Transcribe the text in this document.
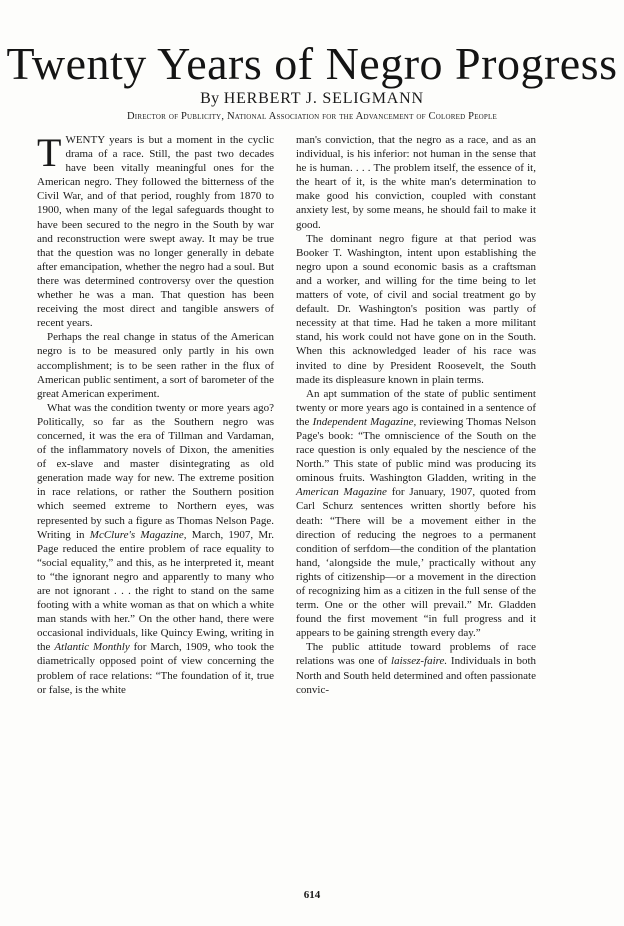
Twenty Years of Negro Progress
By HERBERT J. SELIGMANN
Director of Publicity, National Association for the Advancement of Colored People

TWENTY years is but a moment in the cyclic drama of a race. Still, the past two decades have been vitally meaningful ones for the American negro. They followed the bitterness of the Civil War, and of that period, roughly from 1870 to 1900, when many of the legal safeguards thought to have been secured to the negro in the South by war and reconstruction were swept away. It may be true that the question was no longer generally in debate after emancipation, whether the negro had a soul. But there was determined controversy over the question whether he was a man. That question has been receiving the most direct and tangible answers of recent years.

Perhaps the real change in status of the American negro is to be measured only partly in his own accomplishment; is to be seen rather in the flux of American public sentiment, a sort of barometer of the great American experiment.

What was the condition twenty or more years ago? Politically, so far as the Southern negro was concerned, it was the era of Tillman and Vardaman, of the inflammatory novels of Dixon, the amenities of ex-slave and master disintegrating as old generation made way for new. The extreme position in race relations, or rather the Southern position which seemed extreme to Northern eyes, was represented by such a figure as Thomas Nelson Page. Writing in McClure's Magazine, March, 1907, Mr. Page reduced the entire problem of race equality to “social equality,” and this, as he interpreted it, meant to “the ignorant negro and apparently to many who are not ignorant . . . the right to stand on the same footing with a white woman as that on which a white man stands with her.” On the other hand, there were occasional individuals, like Quincy Ewing, writing in the Atlantic Monthly for March, 1909, who took the diametrically opposed point of view concerning the problem of race relations: “The foundation of it, true or false, is the white

man's conviction, that the negro as a race, and as an individual, is his inferior: not human in the sense that he is human. . . . The problem itself, the essence of it, the heart of it, is the white man's determination to make good his conviction, coupled with constant anxiety lest, by some means, he should fail to make it good.

The dominant negro figure at that period was Booker T. Washington, intent upon establishing the negro upon a sound economic basis as a craftsman and a worker, and willing for the time being to let matters of vote, of civil and social treatment go by default. Dr. Washington's position was partly of necessity at that time. Had he taken a more militant stand, his work could not have gone on in the South. When this acknowledged leader of his race was invited to dine by President Roosevelt, the South made its displeasure known in plain terms.

An apt summation of the state of public sentiment twenty or more years ago is contained in a sentence of the Independent Magazine, reviewing Thomas Nelson Page's book: “The omniscience of the South on the race question is only equaled by the nescience of the North.” This state of public mind was producing its ominous fruits. Washington Gladden, writing in the American Magazine for January, 1907, quoted from Carl Schurz sentences written shortly before his death: “There will be a movement either in the direction of reducing the negroes to a permanent condition of serfdom—the condition of the plantation hand, ‘alongside the mule,’ practically without any rights of citizenship—or a movement in the direction of recognizing him as a citizen in the full sense of the term. One or the other will prevail.” Mr. Gladden found the first movement “in full progress and it appears to be gaining strength every day.”

The public attitude toward problems of race relations was one of laissez-faire. Individuals in both North and South held determined and often passionate convic-

614
